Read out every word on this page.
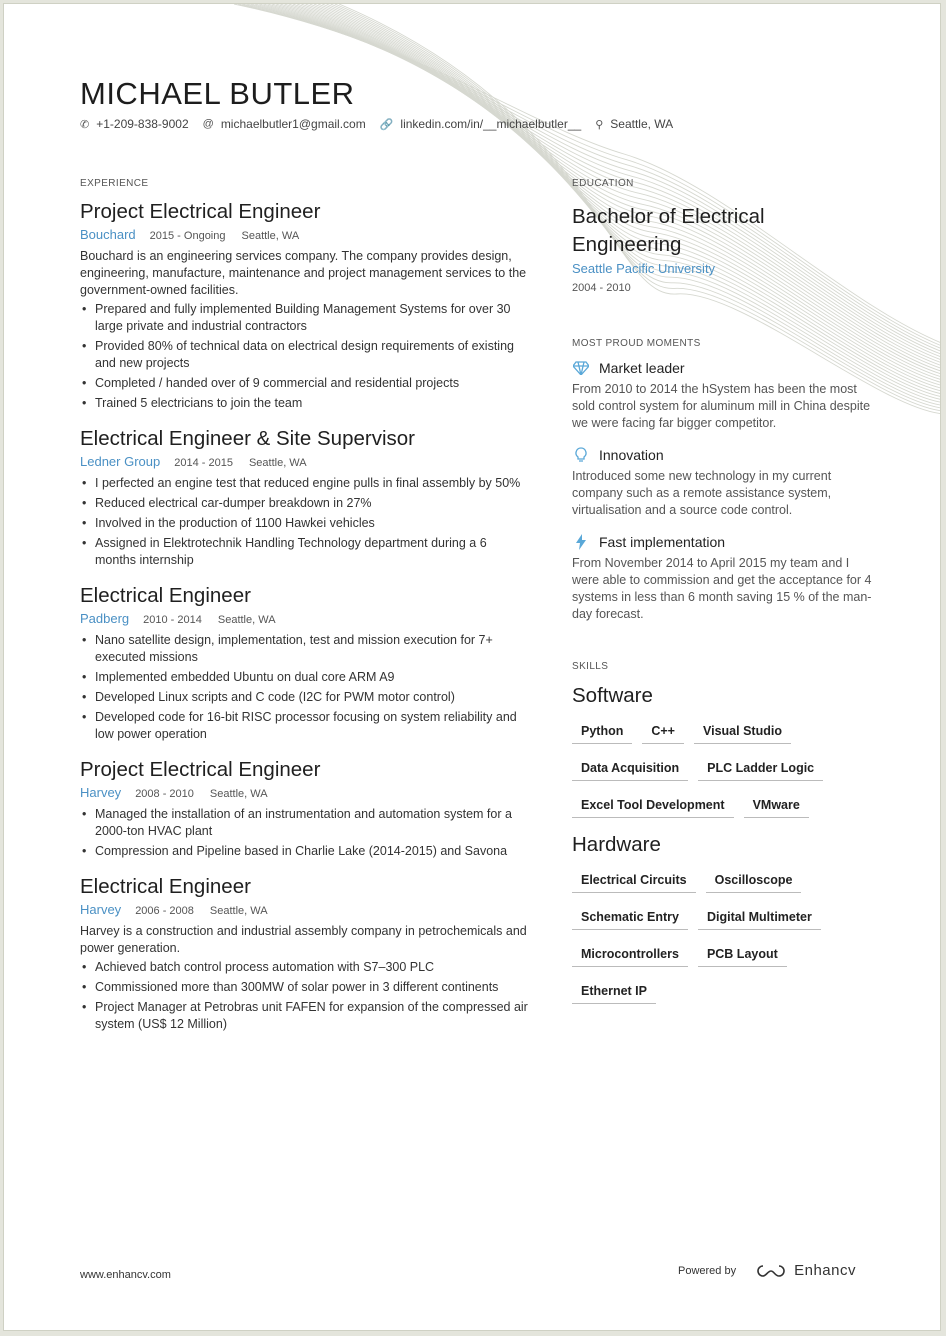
MICHAEL BUTLER
✆ +1-209-838-9002 @ michaelbutler1@gmail.com 🔗 linkedin.com/in/__michaelbutler__ ⚲ Seattle, WA
EXPERIENCE
Project Electrical Engineer
Bouchard 2015 - Ongoing Seattle, WA
Bouchard is an engineering services company. The company provides design, engineering, manufacture, maintenance and project management services to the government-owned facilities.
• Prepared and fully implemented Building Management Systems for over 30 large private and industrial contractors
• Provided 80% of technical data on electrical design requirements of existing and new projects
• Completed / handed over of 9 commercial and residential projects
• Trained 5 electricians to join the team
Electrical Engineer & Site Supervisor
Ledner Group 2014 - 2015 Seattle, WA
• I perfected an engine test that reduced engine pulls in final assembly by 50%
• Reduced electrical car-dumper breakdown in 27%
• Involved in the production of 1100 Hawkei vehicles
• Assigned in Elektrotechnik Handling Technology department during a 6 months internship
Electrical Engineer
Padberg 2010 - 2014 Seattle, WA
• Nano satellite design, implementation, test and mission execution for 7+ executed missions
• Implemented embedded Ubuntu on dual core ARM A9
• Developed Linux scripts and C code (I2C for PWM motor control)
• Developed code for 16-bit RISC processor focusing on system reliability and low power operation
Project Electrical Engineer
Harvey 2008 - 2010 Seattle, WA
• Managed the installation of an instrumentation and automation system for a 2000-ton HVAC plant
• Compression and Pipeline based in Charlie Lake (2014-2015) and Savona
Electrical Engineer
Harvey 2006 - 2008 Seattle, WA
Harvey is a construction and industrial assembly company in petrochemicals and power generation.
• Achieved batch control process automation with S7–300 PLC
• Commissioned more than 300MW of solar power in 3 different continents
• Project Manager at Petrobras unit FAFEN for expansion of the compressed air system (US$ 12 Million)
EDUCATION
Bachelor of Electrical Engineering
Seattle Pacific University
2004 - 2010
MOST PROUD MOMENTS
Market leader
From 2010 to 2014 the hSystem has been the most sold control system for aluminum mill in China despite we were facing far bigger competitor.
Innovation
Introduced some new technology in my current company such as a remote assistance system, virtualisation and a source code control.
Fast implementation
From November 2014 to April 2015 my team and I were able to commission and get the acceptance for 4 systems in less than 6 month saving 15 % of the man-day forecast.
SKILLS
Software
Python	C++	Visual Studio
Data Acquisition	PLC Ladder Logic
Excel Tool Development	VMware
Hardware
Electrical Circuits	Oscilloscope
Schematic Entry	Digital Multimeter
Microcontrollers	PCB Layout
Ethernet IP
www.enhancv.com	Powered by	Enhancv
